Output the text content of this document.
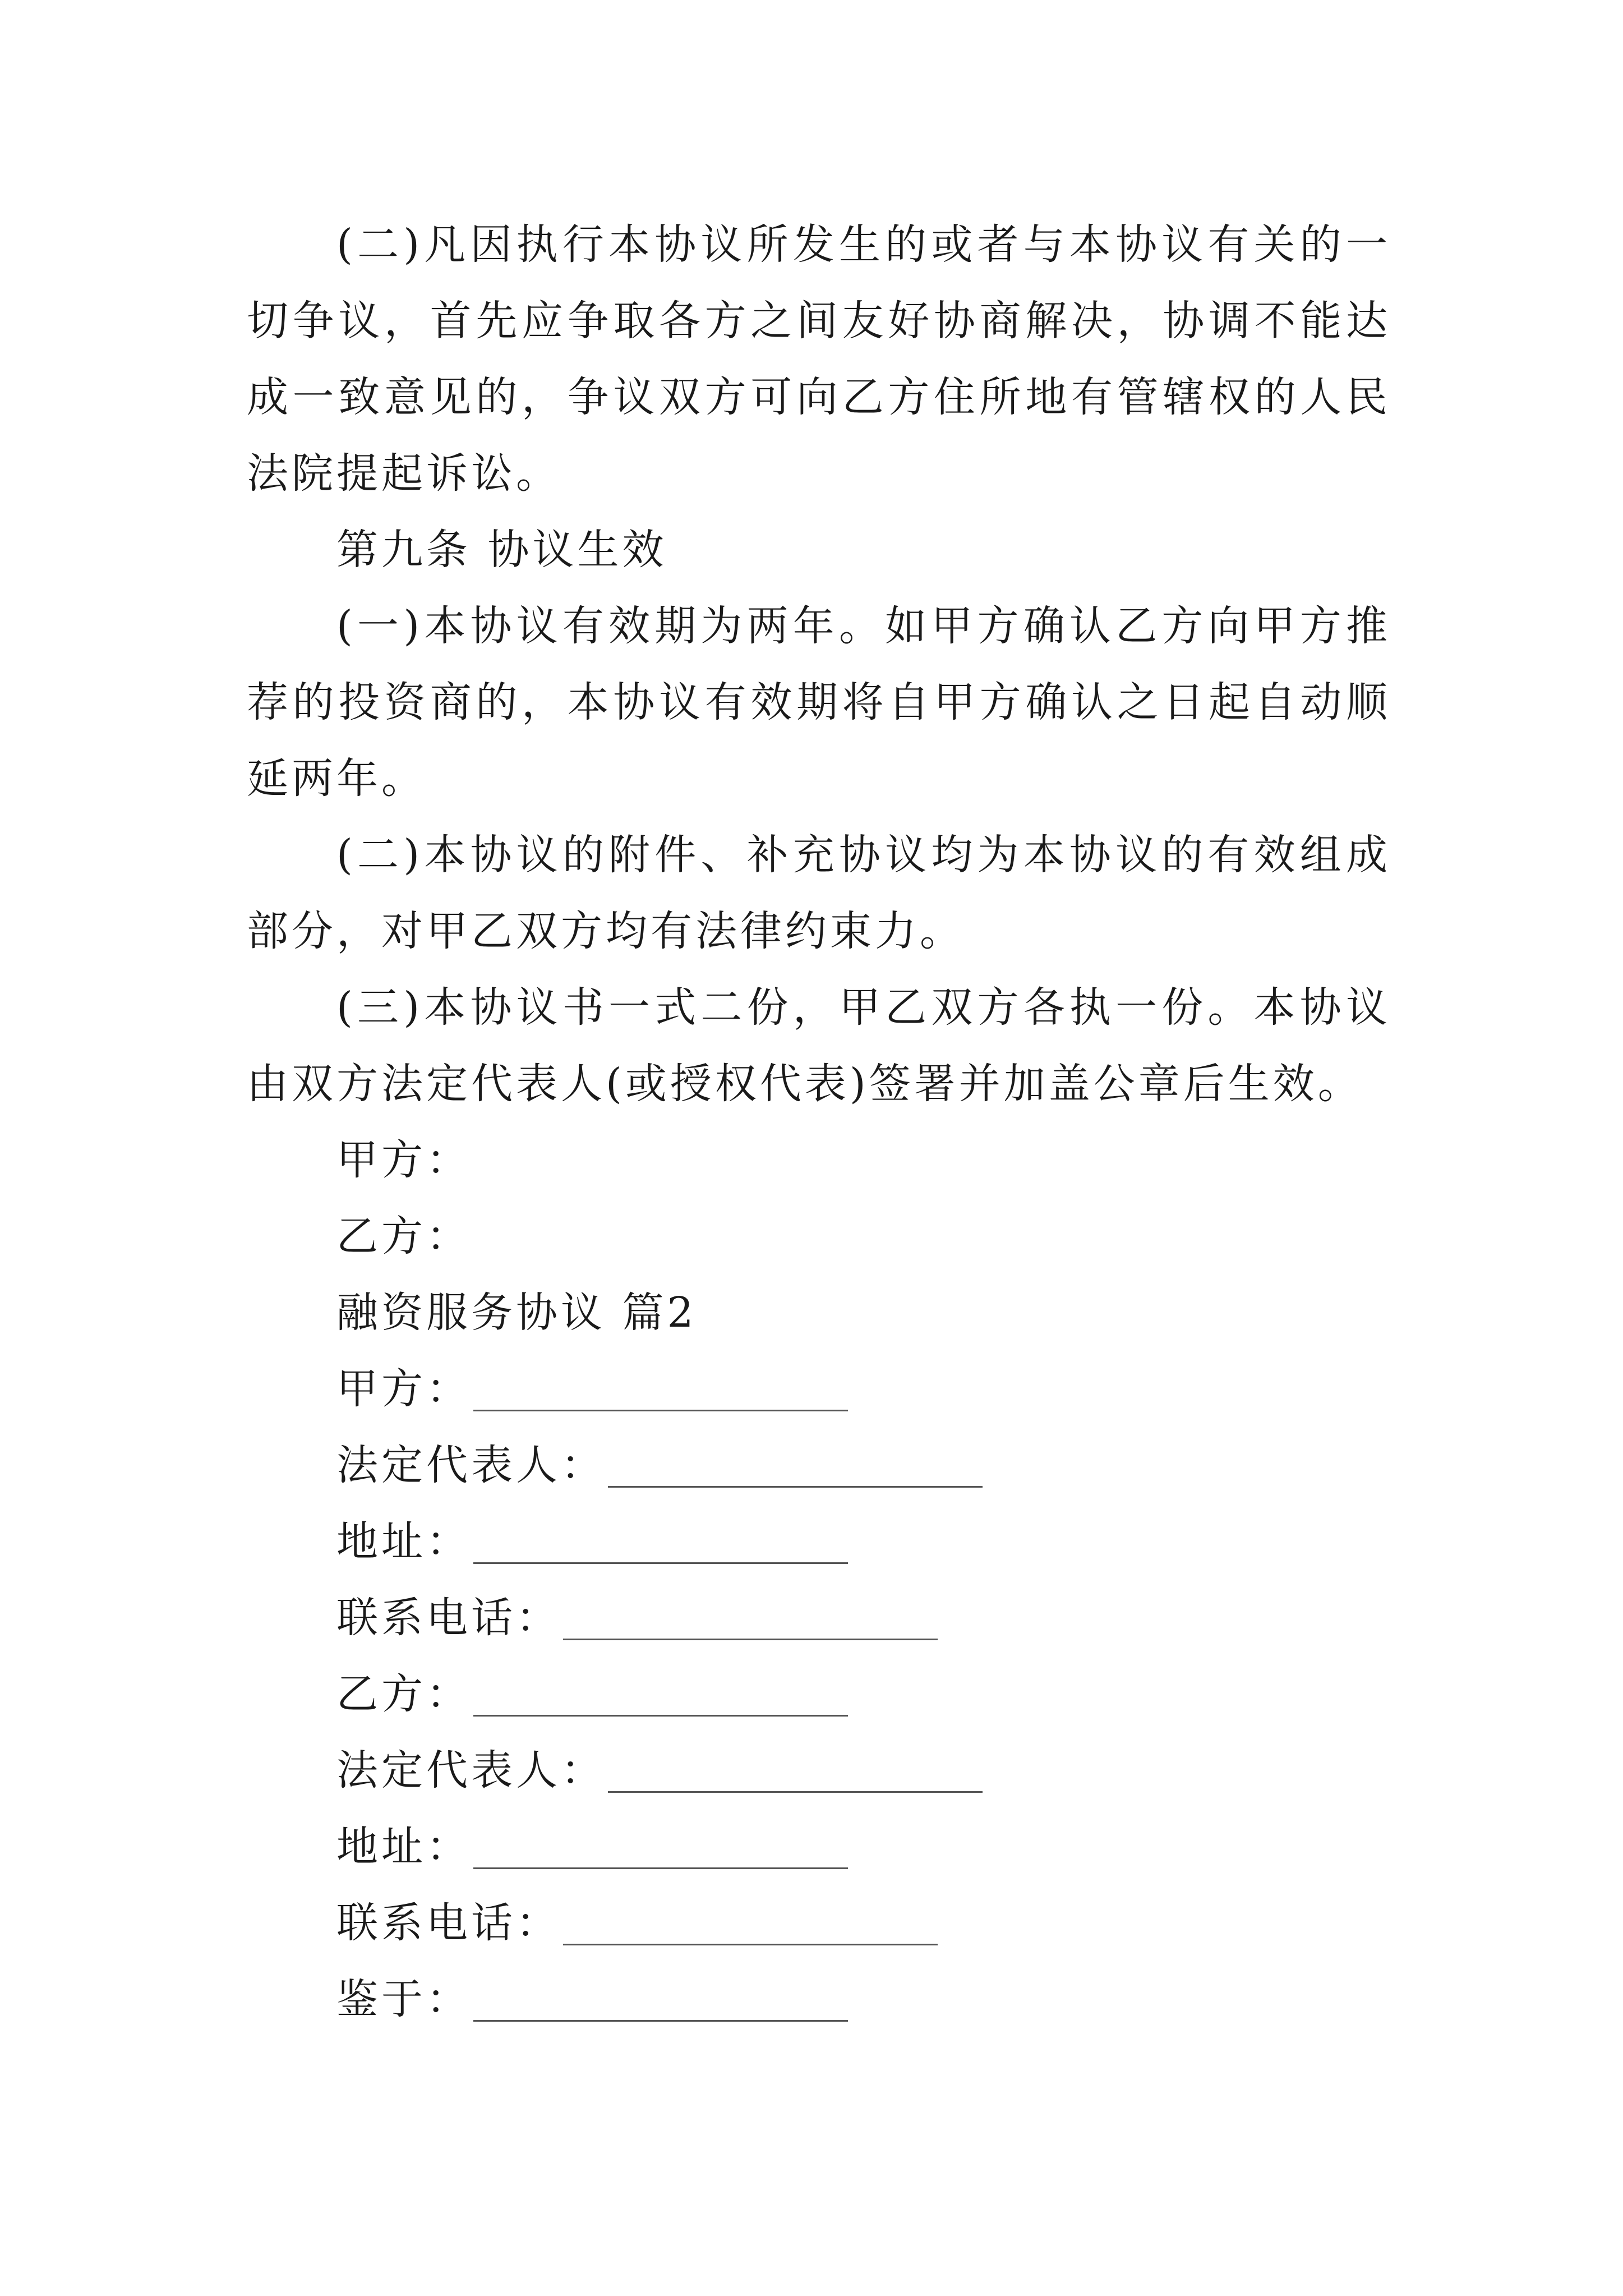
(二)凡因执行本协议所发生的或者与本协议有关的一切争议，首先应争取各方之间友好协商解决，协调不能达成一致意见的，争议双方可向乙方住所地有管辖权的人民法院提起诉讼。

第九条 协议生效

(一)本协议有效期为两年。如甲方确认乙方向甲方推荐的投资商的，本协议有效期将自甲方确认之日起自动顺延两年。

(二)本协议的附件、补充协议均为本协议的有效组成部分，对甲乙双方均有法律约束力。

(三)本协议书一式二份，甲乙双方各执一份。本协议由双方法定代表人(或授权代表)签署并加盖公章后生效。

甲方：

乙方：

融资服务协议 篇2

甲方：
法定代表人：
地址：
联系电话：
乙方：
法定代表人：
地址：
联系电话：
鉴于：
